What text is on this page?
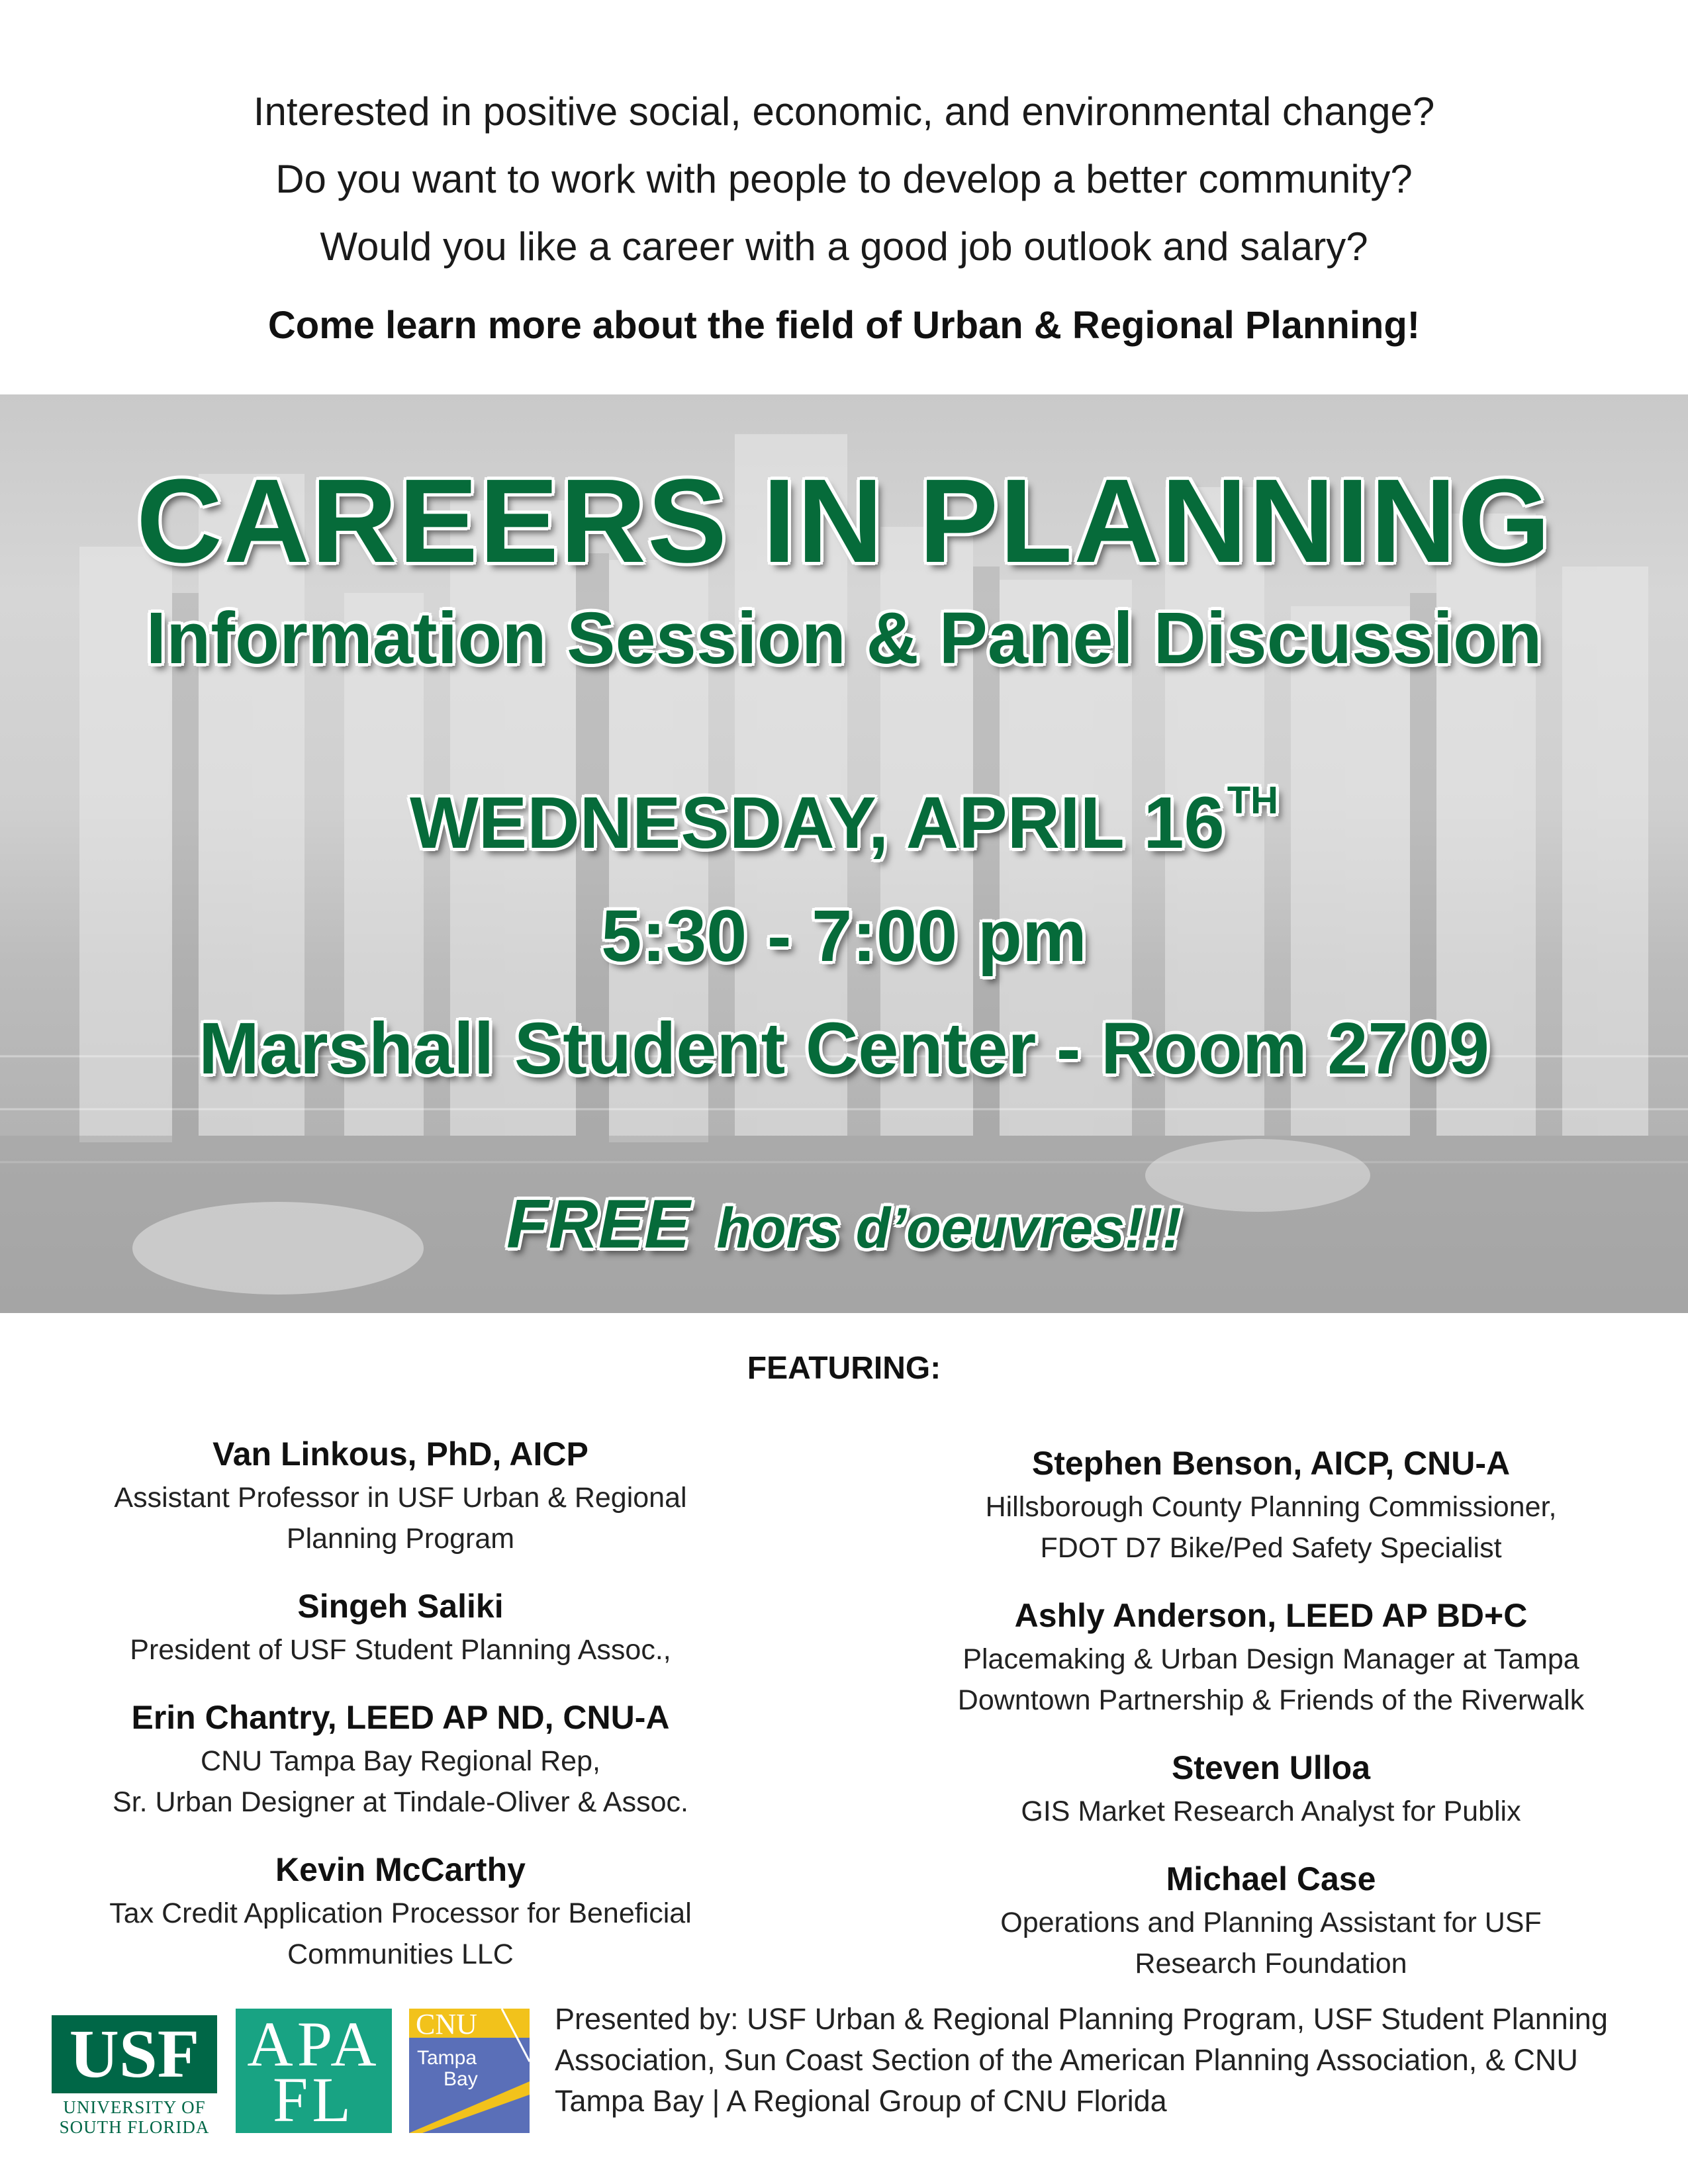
Interested in positive social, economic, and environmental change?
Do you want to work with people to develop a better community?
Would you like a career with a good job outlook and salary?
Come learn more about the field of Urban & Regional Planning!
CAREERS IN PLANNING
Information Session & Panel Discussion
WEDNESDAY, APRIL 16TH
5:30 - 7:00 pm
Marshall Student Center - Room 2709
FREE hors d’oeuvres!!!
FEATURING:
Van Linkous, PhD, AICP
Assistant Professor in USF Urban & Regional
Planning Program
Singeh Saliki
President of USF Student Planning Assoc.,
Erin Chantry, LEED AP ND, CNU-A
CNU Tampa Bay Regional Rep,
Sr. Urban Designer at Tindale-Oliver & Assoc.
Kevin McCarthy
Tax Credit Application Processor for Beneficial
Communities LLC
Stephen Benson, AICP, CNU-A
Hillsborough County Planning Commissioner,
FDOT D7 Bike/Ped Safety Specialist
Ashly Anderson, LEED AP BD+C
Placemaking & Urban Design Manager at Tampa
Downtown Partnership & Friends of the Riverwalk
Steven Ulloa
GIS Market Research Analyst for Publix
Michael Case
Operations and Planning Assistant for USF
Research Foundation
USF
UNIVERSITY OF
SOUTH FLORIDA
APA
FL
CNU
Tampa
Bay
Presented by: USF Urban & Regional Planning Program, USF Student Planning Association, Sun Coast Section of the American Planning Association, & CNU Tampa Bay | A Regional Group of CNU Florida
